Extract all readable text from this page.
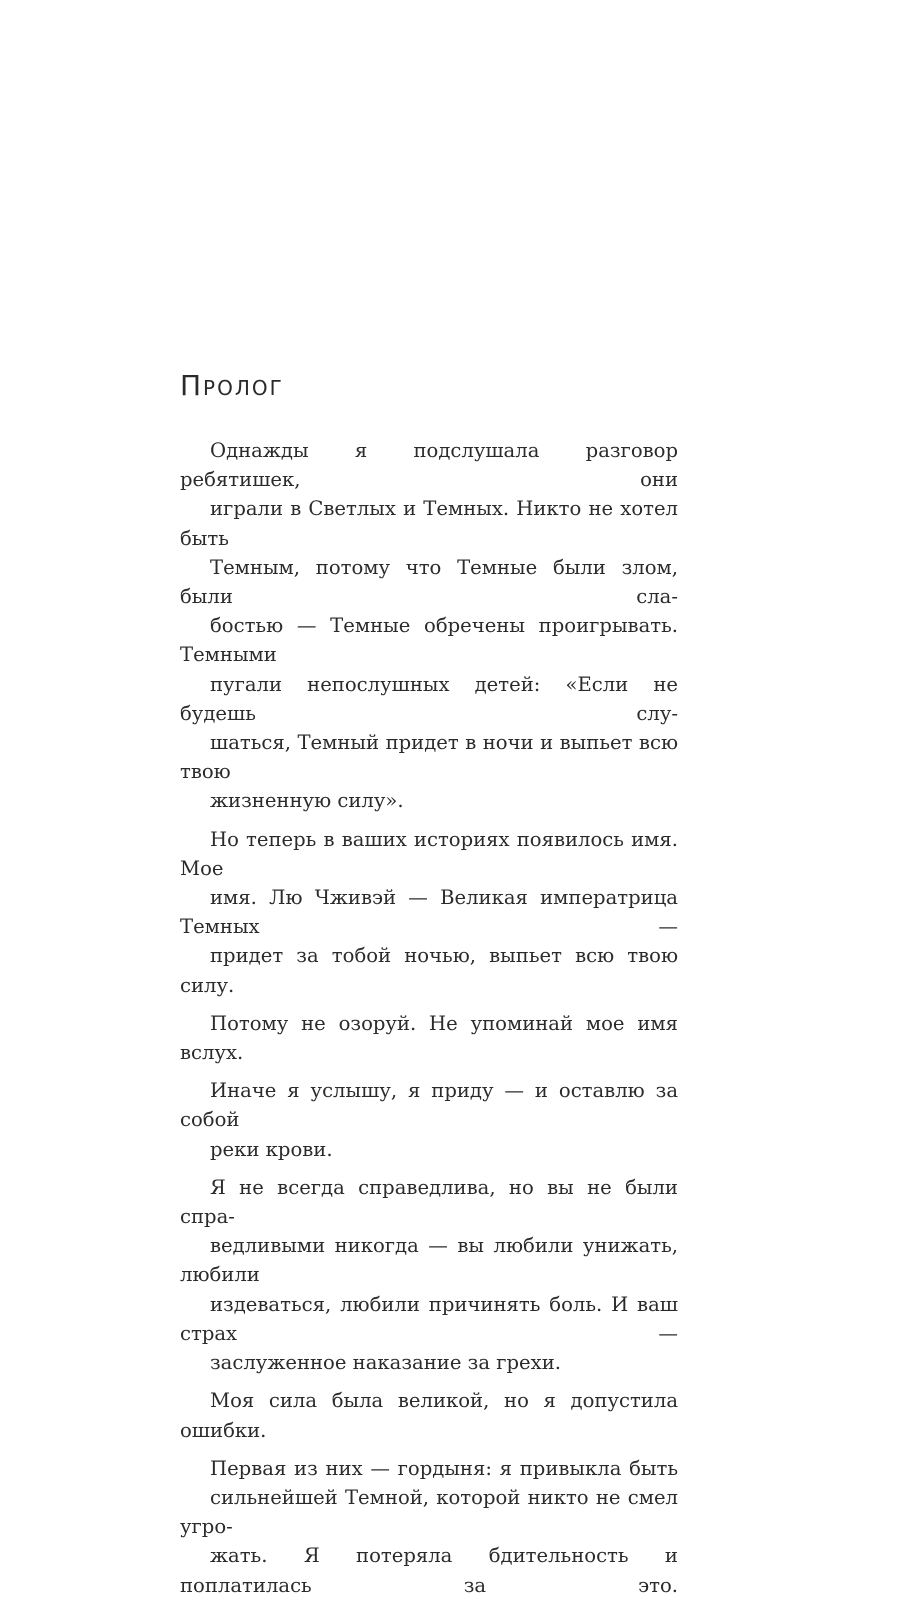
Пролог

Однажды я подслушала разговор ребятишек, они
играли в Светлых и Темных. Никто не хотел быть
Темным, потому что Темные были злом, были сла-
бостью — Темные обречены проигрывать. Темными
пугали непослушных детей: «Если не будешь слу-
шаться, Темный придет в ночи и выпьет всю твою
жизненную силу».

Но теперь в ваших историях появилось имя. Мое
имя. Лю Чживэй — Великая императрица Темных —
придет за тобой ночью, выпьет всю твою силу.

Потому не озоруй. Не упоминай мое имя вслух.

Иначе я услышу, я приду — и оставлю за собой
реки крови.

Я не всегда справедлива, но вы не были спра-
ведливыми никогда — вы любили унижать, любили
издеваться, любили причинять боль. И ваш страх —
заслуженное наказание за грехи.

Моя сила была великой, но я допустила ошибки.

Первая из них — гордыня: я привыкла быть
сильнейшей Темной, которой никто не смел угро-
жать. Я потеряла бдительность и поплатилась за это.
